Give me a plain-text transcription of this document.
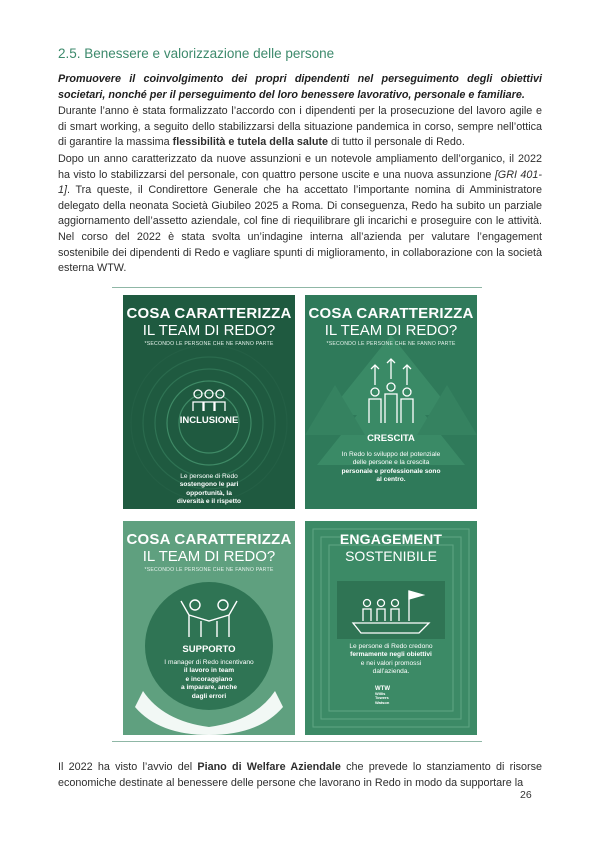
2.5. Benessere e valorizzazione delle persone
Promuovere il coinvolgimento dei propri dipendenti nel perseguimento degli obiettivi societari, nonché per il perseguimento del loro benessere lavorativo, personale e familiare.
Durante l’anno è stata formalizzato l’accordo con i dipendenti per la prosecuzione del lavoro agile e di smart working, a seguito dello stabilizzarsi della situazione pandemica in corso, sempre nell’ottica di garantire la massima flessibilità e tutela della salute di tutto il personale di Redo.
Dopo un anno caratterizzato da nuove assunzioni e un notevole ampliamento dell’organico, il 2022 ha visto lo stabilizzarsi del personale, con quattro persone uscite e una nuova assunzione [GRI 401-1]. Tra queste, il Condirettore Generale che ha accettato l’importante nomina di Amministratore delegato della neonata Società Giubileo 2025 a Roma. Di conseguenza, Redo ha subito un parziale aggiornamento dell’assetto aziendale, col fine di riequilibrare gli incarichi e proseguire con le attività. Nel corso del 2022 è stata svolta un’indagine interna all’azienda per valutare l’engagement sostenibile dei dipendenti di Redo e vagliare spunti di miglioramento, in collaborazione con la società esterna WTW.
COSA CARATTERIZZA
IL TEAM DI REDO?
*SECONDO LE PERSONE CHE NE FANNO PARTE
INCLUSIONE
Le persone di Redo
sostengono le pari
opportunità, la
diversità e il rispetto
COSA CARATTERIZZA
IL TEAM DI REDO?
*SECONDO LE PERSONE CHE NE FANNO PARTE
CRESCITA
In Redo lo sviluppo del potenziale
delle persone e la crescita
personale e professionale sono
al centro.
COSA CARATTERIZZA
IL TEAM DI REDO?
*SECONDO LE PERSONE CHE NE FANNO PARTE
SUPPORTO
I manager di Redo incentivano
il lavoro in team
e incoraggiano
a imparare, anche
dagli errori
ENGAGEMENT
SOSTENIBILE
Le persone di Redo credono
fermamente negli obiettivi
e nei valori promossi
dall’azienda.
WTW
Willis
Towers
Watson
Il 2022 ha visto l’avvio del Piano di Welfare Aziendale che prevede lo stanziamento di risorse economiche destinate al benessere delle persone che lavorano in Redo in modo da supportare la
26
